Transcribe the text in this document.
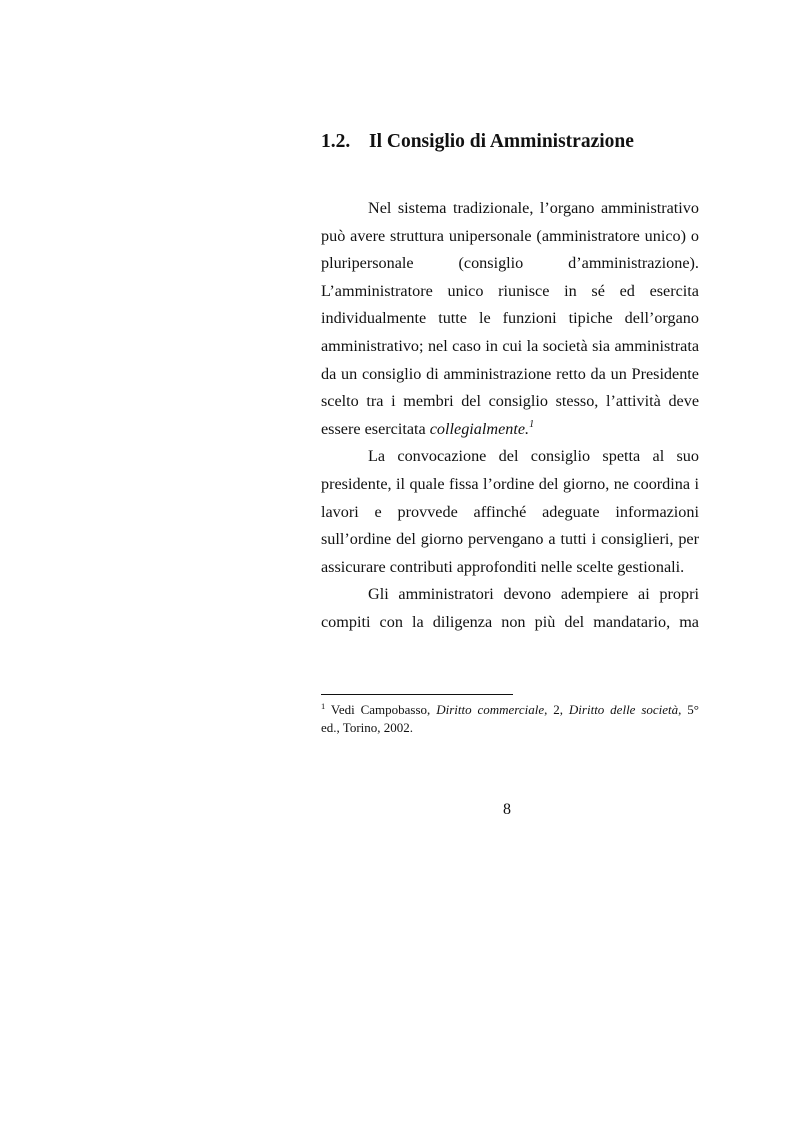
1.2. Il Consiglio di Amministrazione
Nel sistema tradizionale, l’organo amministrativo
può avere struttura unipersonale (amministratore unico) o
pluripersonale	(consiglio	d’amministrazione).
L’amministratore unico riunisce in sé ed esercita
individualmente tutte le funzioni tipiche dell’organo
amministrativo; nel caso in cui la società sia amministrata
da un consiglio di amministrazione retto da un Presidente
scelto tra i membri del consiglio stesso, l’attività deve
essere esercitata collegialmente.$^1$
La convocazione del consiglio spetta al suo
presidente, il quale fissa l’ordine del giorno, ne coordina i
lavori e provvede affinché adeguate informazioni
sull’ordine del giorno pervengano a tutti i consiglieri, per
assicurare contributi approfonditi nelle scelte gestionali.
Gli amministratori devono adempiere ai propri
compiti con la diligenza non più del mandatario, ma
$^1$ Vedi Campobasso, Diritto commerciale, 2, Diritto delle società, 5°
ed., Torino, 2002.
8
